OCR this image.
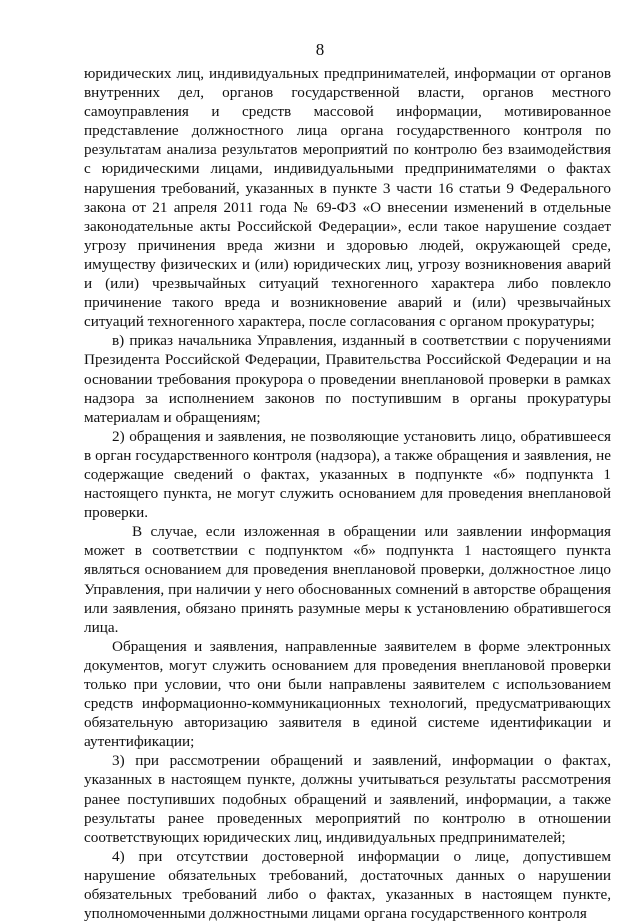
8

юридических лиц, индивидуальных предпринимателей, информации от органов внутренних дел, органов государственной власти, органов местного самоуправления и средств массовой информации, мотивированное представление должностного лица органа государственного контроля по результатам анализа результатов мероприятий по контролю без взаимодействия с юридическими лицами, индивидуальными предпринимателями о фактах нарушения требований, указанных в пункте 3 части 16 статьи 9 Федерального закона от 21 апреля 2011 года № 69-ФЗ «О внесении изменений в отдельные законодательные акты Российской Федерации», если такое нарушение создает угрозу причинения вреда жизни и здоровью людей, окружающей среде, имуществу физических и (или) юридических лиц, угрозу возникновения аварий и (или) чрезвычайных ситуаций техногенного характера либо повлекло причинение такого вреда и возникновение аварий и (или) чрезвычайных ситуаций техногенного характера, после согласования с органом прокуратуры;

в) приказ начальника Управления, изданный в соответствии с поручениями Президента Российской Федерации, Правительства Российской Федерации и на основании требования прокурора о проведении внеплановой проверки в рамках надзора за исполнением законов по поступившим в органы прокуратуры материалам и обращениям;

2) обращения и заявления, не позволяющие установить лицо, обратившееся в орган государственного контроля (надзора), а также обращения и заявления, не содержащие сведений о фактах, указанных в подпункте «б» подпункта 1 настоящего пункта, не могут служить основанием для проведения внеплановой проверки.

В случае, если изложенная в обращении или заявлении информация может в соответствии с подпунктом «б» подпункта 1 настоящего пункта являться основанием для проведения внеплановой проверки, должностное лицо Управления, при наличии у него обоснованных сомнений в авторстве обращения или заявления, обязано принять разумные меры к установлению обратившегося лица.

Обращения и заявления, направленные заявителем в форме электронных документов, могут служить основанием для проведения внеплановой проверки только при условии, что они были направлены заявителем с использованием средств информационно-коммуникационных технологий, предусматривающих обязательную авторизацию заявителя в единой системе идентификации и аутентификации;

3) при рассмотрении обращений и заявлений, информации о фактах, указанных в настоящем пункте, должны учитываться результаты рассмотрения ранее поступивших подобных обращений и заявлений, информации, а также результаты ранее проведенных мероприятий по контролю в отношении соответствующих юридических лиц, индивидуальных предпринимателей;

4) при отсутствии достоверной информации о лице, допустившем нарушение обязательных требований, достаточных данных о нарушении обязательных требований либо о фактах, указанных в настоящем пункте, уполномоченными должностными лицами органа государственного контроля
